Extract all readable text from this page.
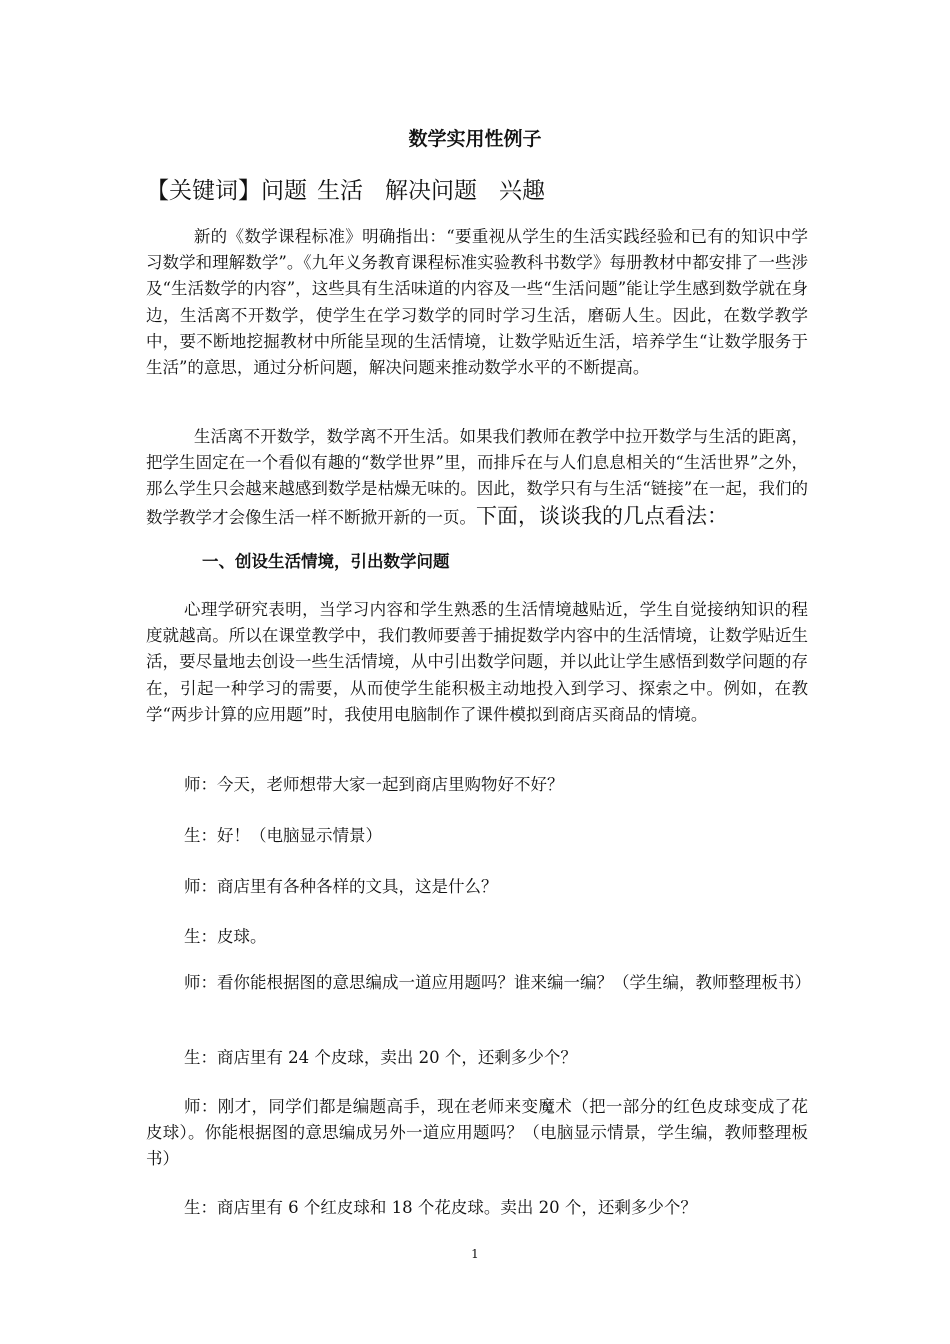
数学实用性例子
【关键词】问题 生活 解决问题 兴趣
新的《数学课程标准》明确指出：“要重视从学生的生活实践经验和已有的知识中学习数学和理解数学”。《九年义务教育课程标准实验教科书数学》每册教材中都安排了一些涉及“生活数学的内容”，这些具有生活味道的内容及一些“生活问题”能让学生感到数学就在身边，生活离不开数学，使学生在学习数学的同时学习生活，磨砺人生。因此，在数学教学中，要不断地挖掘教材中所能呈现的生活情境，让数学贴近生活，培养学生“让数学服务于生活”的意思，通过分析问题，解决问题来推动数学水平的不断提高。
生活离不开数学，数学离不开生活。如果我们教师在教学中拉开数学与生活的距离，把学生固定在一个看似有趣的“数学世界”里，而排斥在与人们息息相关的“生活世界”之外，那么学生只会越来越感到数学是枯燥无味的。因此，数学只有与生活“链接”在一起，我们的数学教学才会像生活一样不断掀开新的一页。下面，谈谈我的几点看法：
一、创设生活情境，引出数学问题
心理学研究表明，当学习内容和学生熟悉的生活情境越贴近，学生自觉接纳知识的程度就越高。所以在课堂教学中，我们教师要善于捕捉数学内容中的生活情境，让数学贴近生活，要尽量地去创设一些生活情境，从中引出数学问题，并以此让学生感悟到数学问题的存在，引起一种学习的需要，从而使学生能积极主动地投入到学习、探索之中。例如，在教学“两步计算的应用题”时，我使用电脑制作了课件模拟到商店买商品的情境。
师：今天，老师想带大家一起到商店里购物好不好？
生：好！（电脑显示情景）
师：商店里有各种各样的文具，这是什么？
生：皮球。
师：看你能根据图的意思编成一道应用题吗？谁来编一编？（学生编，教师整理板书）
生：商店里有 24 个皮球，卖出 20 个，还剩多少个？
师：刚才，同学们都是编题高手，现在老师来变魔术（把一部分的红色皮球变成了花皮球）。你能根据图的意思编成另外一道应用题吗？（电脑显示情景，学生编，教师整理板书）
生：商店里有 6 个红皮球和 18 个花皮球。卖出 20 个，还剩多少个？
1
